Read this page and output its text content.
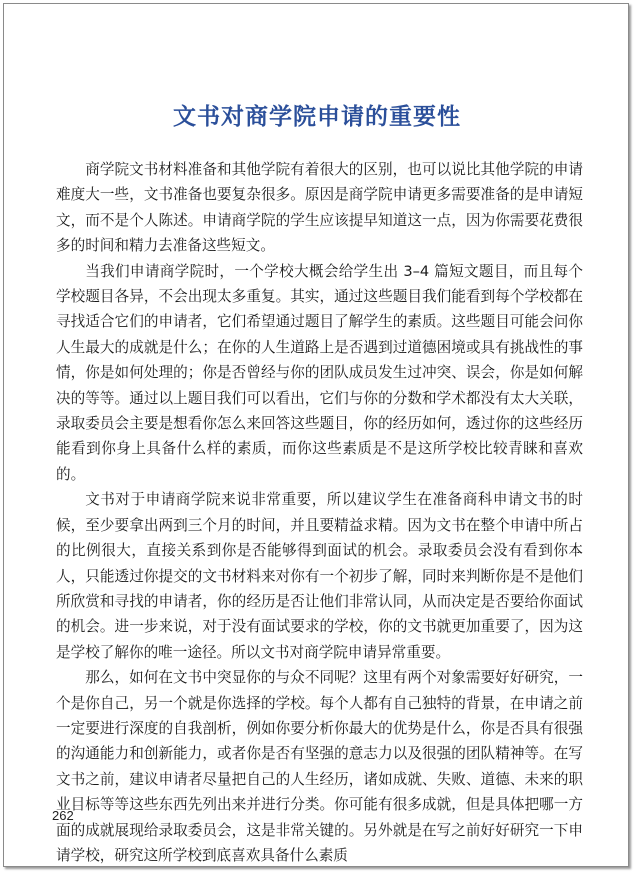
文书对商学院申请的重要性

商学院文书材料准备和其他学院有着很大的区别，也可以说比其他学院的申请难度大一些，文书准备也要复杂很多。原因是商学院申请更多需要准备的是申请短文，而不是个人陈述。申请商学院的学生应该提早知道这一点，因为你需要花费很多的时间和精力去准备这些短文。

当我们申请商学院时，一个学校大概会给学生出 3–4 篇短文题目，而且每个学校题目各异，不会出现太多重复。其实，通过这些题目我们能看到每个学校都在寻找适合它们的申请者，它们希望通过题目了解学生的素质。这些题目可能会问你人生最大的成就是什么；在你的人生道路上是否遇到过道德困境或具有挑战性的事情，你是如何处理的；你是否曾经与你的团队成员发生过冲突、误会，你是如何解决的等等。通过以上题目我们可以看出，它们与你的分数和学术都没有太大关联，录取委员会主要是想看你怎么来回答这些题目，你的经历如何，透过你的这些经历能看到你身上具备什么样的素质，而你这些素质是不是这所学校比较青睐和喜欢的。

文书对于申请商学院来说非常重要，所以建议学生在准备商科申请文书的时候，至少要拿出两到三个月的时间，并且要精益求精。因为文书在整个申请中所占的比例很大，直接关系到你是否能够得到面试的机会。录取委员会没有看到你本人，只能透过你提交的文书材料来对你有一个初步了解，同时来判断你是不是他们所欣赏和寻找的申请者，你的经历是否让他们非常认同，从而决定是否要给你面试的机会。进一步来说，对于没有面试要求的学校，你的文书就更加重要了，因为这是学校了解你的唯一途径。所以文书对商学院申请异常重要。

那么，如何在文书中突显你的与众不同呢？这里有两个对象需要好好研究，一个是你自己，另一个就是你选择的学校。每个人都有自己独特的背景，在申请之前一定要进行深度的自我剖析，例如你要分析你最大的优势是什么，你是否具有很强的沟通能力和创新能力，或者你是否有坚强的意志力以及很强的团队精神等。在写文书之前，建议申请者尽量把自己的人生经历，诸如成就、失败、道德、未来的职业目标等等这些东西先列出来并进行分类。你可能有很多成就，但是具体把哪一方面的成就展现给录取委员会，这是非常关键的。另外就是在写之前好好研究一下申请学校，研究这所学校到底喜欢具备什么素质

262
